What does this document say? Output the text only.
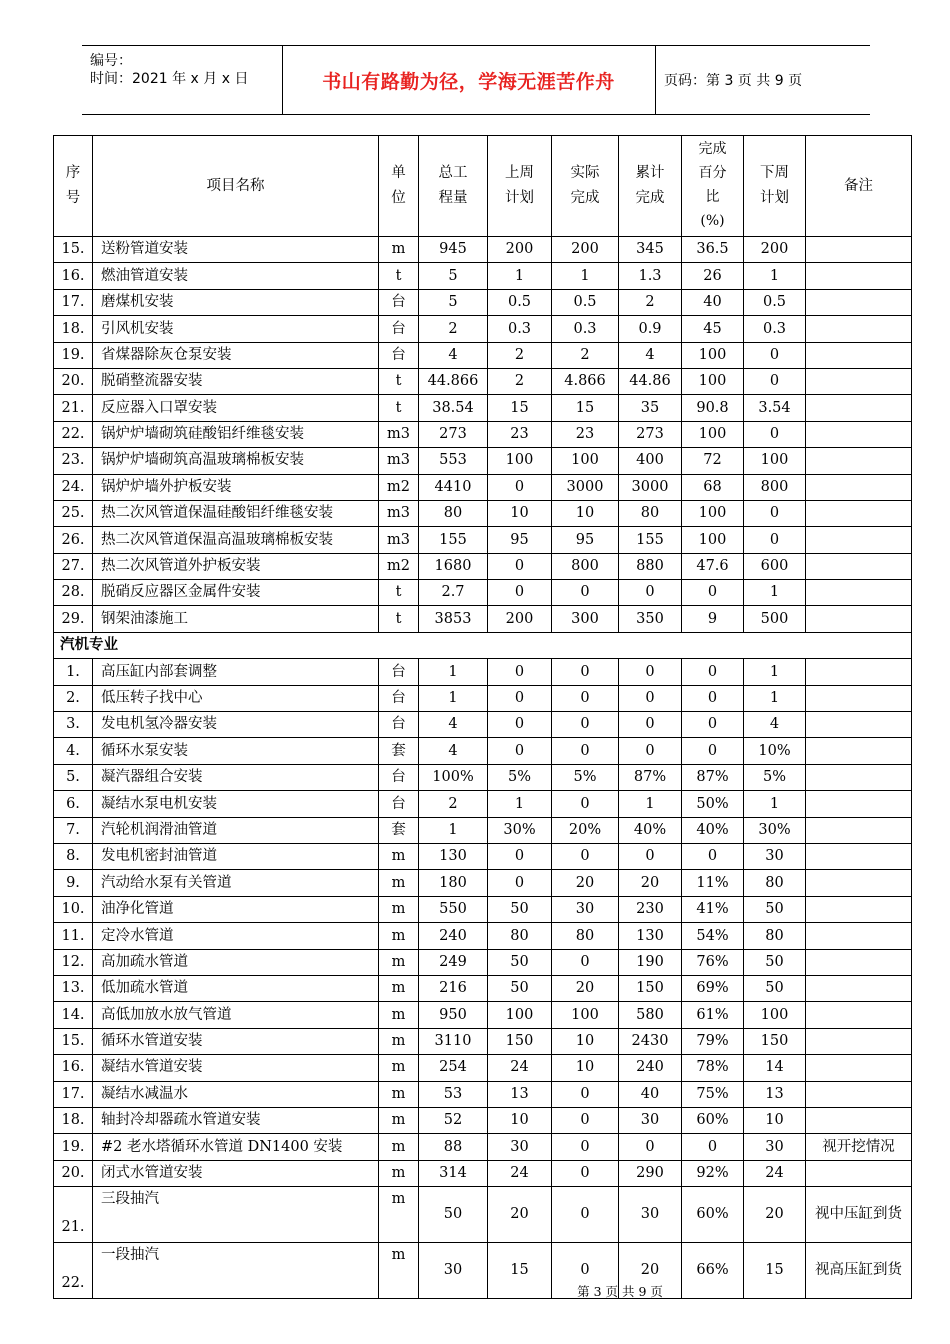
编号：
时间：2021 年 x 月 x 日	书山有路勤为径，学海无涯苦作舟	页码：第 3 页 共 9 页
序号	项目名称	单位	总工程量	上周计划	实际完成	累计完成	完成百分比(%)	下周计划	备注
15.	送粉管道安装	m	945	200	200	345	36.5	200	
16.	燃油管道安装	t	5	1	1	1.3	26	1	
17.	磨煤机安装	台	5	0.5	0.5	2	40	0.5	
18.	引风机安装	台	2	0.3	0.3	0.9	45	0.3	
19.	省煤器除灰仓泵安装	台	4	2	2	4	100	0	
20.	脱硝整流器安装	t	44.866	2	4.866	44.86	100	0	
21.	反应器入口罩安装	t	38.54	15	15	35	90.8	3.54	
22.	锅炉炉墙砌筑硅酸铝纤维毯安装	m3	273	23	23	273	100	0	
23.	锅炉炉墙砌筑高温玻璃棉板安装	m3	553	100	100	400	72	100	
24.	锅炉炉墙外护板安装	m2	4410	0	3000	3000	68	800	
25.	热二次风管道保温硅酸铝纤维毯安装	m3	80	10	10	80	100	0	
26.	热二次风管道保温高温玻璃棉板安装	m3	155	95	95	155	100	0	
27.	热二次风管道外护板安装	m2	1680	0	800	880	47.6	600	
28.	脱硝反应器区金属件安装	t	2.7	0	0	0	0	1	
29.	钢架油漆施工	t	3853	200	300	350	9	500	
汽机专业									
1.	高压缸内部套调整	台	1	0	0	0	0	1	
2.	低压转子找中心	台	1	0	0	0	0	1	
3.	发电机氢冷器安装	台	4	0	0	0	0	4	
4.	循环水泵安装	套	4	0	0	0	0	10%	
5.	凝汽器组合安装	台	100%	5%	5%	87%	87%	5%	
6.	凝结水泵电机安装	台	2	1	0	1	50%	1	
7.	汽轮机润滑油管道	套	1	30%	20%	40%	40%	30%	
8.	发电机密封油管道	m	130	0	0	0	0	30	
9.	汽动给水泵有关管道	m	180	0	20	20	11%	80	
10.	油净化管道	m	550	50	30	230	41%	50	
11.	定冷水管道	m	240	80	80	130	54%	80	
12.	高加疏水管道	m	249	50	0	190	76%	50	
13.	低加疏水管道	m	216	50	20	150	69%	50	
14.	高低加放水放气管道	m	950	100	100	580	61%	100	
15.	循环水管道安装	m	3110	150	10	2430	79%	150	
16.	凝结水管道安装	m	254	24	10	240	78%	14	
17.	凝结水减温水	m	53	13	0	40	75%	13	
18.	轴封冷却器疏水管道安装	m	52	10	0	30	60%	10	
19.	#2 老水塔循环水管道 DN1400 安装	m	88	30	0	0	0	30	视开挖情况
20.	闭式水管道安装	m	314	24	0	290	92%	24	
21.	三段抽汽	m	50	20	0	30	60%	20	视中压缸到货
22.	一段抽汽	m	30	15	0	20	66%	15	视高压缸到货
第 3 页 共 9 页
